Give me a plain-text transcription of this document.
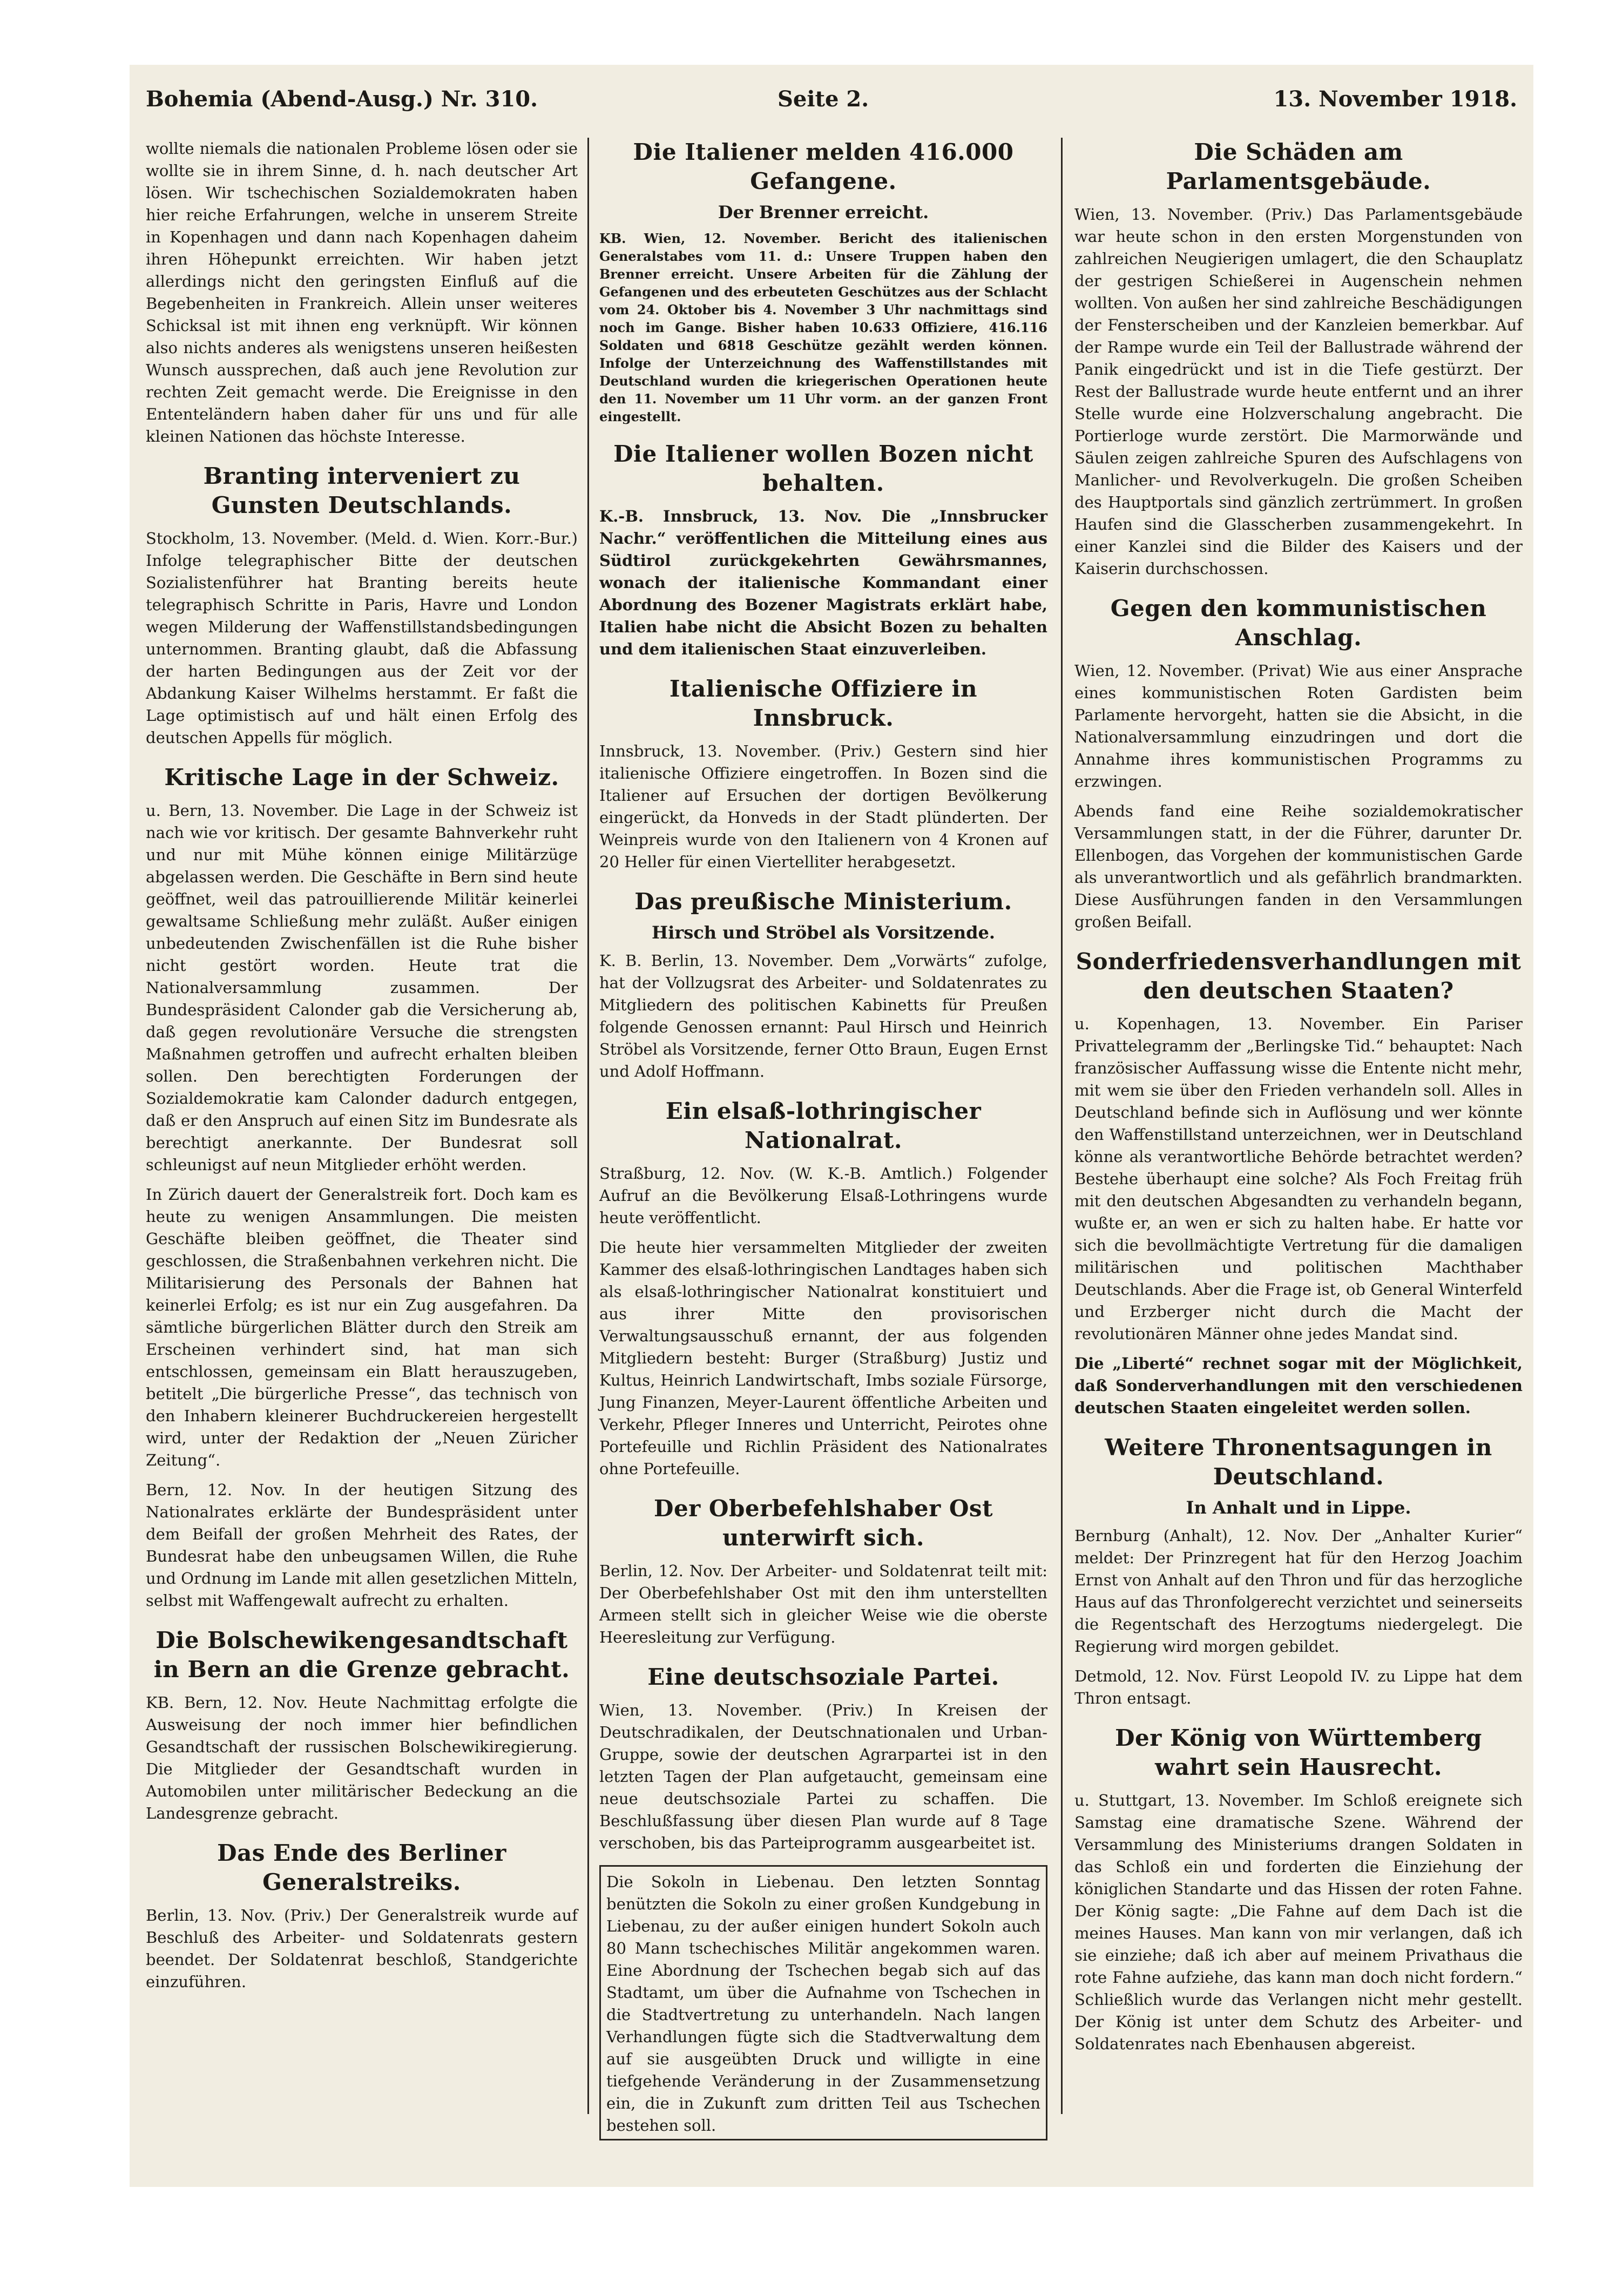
Bohemia (Abend-Ausg.) Nr. 310.	Seite 2.	13. November 1918.

wollte niemals die nationalen Probleme lösen oder sie wollte sie in ihrem Sinne, d. h. nach deutscher Art lösen. Wir tschechischen Sozialdemokraten haben hier reiche Erfahrungen, welche in unserem Streite in Kopenhagen und dann nach Kopenhagen daheim ihren Höhepunkt erreichten. Wir haben jetzt allerdings nicht den geringsten Einfluß auf die Begebenheiten in Frankreich. Allein unser weiteres Schicksal ist mit ihnen eng verknüpft. Wir können also nichts anderes als wenigstens unseren heißesten Wunsch aussprechen, daß auch jene Revolution zur rechten Zeit gemacht werde. Die Ereignisse in den Ententeländern haben daher für uns und für alle kleinen Nationen das höchste Interesse.

Branting interveniert zu Gunsten Deutschlands.

Stockholm, 13. November. (Meld. d. Wien. Korr.-Bur.) Infolge telegraphischer Bitte der deutschen Sozialistenführer hat Branting bereits heute telegraphisch Schritte in Paris, Havre und London wegen Milderung der Waffenstillstandsbedingungen unternommen. Branting glaubt, daß die Abfassung der harten Bedingungen aus der Zeit vor der Abdankung Kaiser Wilhelms herstammt. Er faßt die Lage optimistisch auf und hält einen Erfolg des deutschen Appells für möglich.

Kritische Lage in der Schweiz.

u. Bern, 13. November. Die Lage in der Schweiz ist nach wie vor kritisch. Der gesamte Bahnverkehr ruht und nur mit Mühe können einige Militärzüge abgelassen werden. Die Geschäfte in Bern sind heute geöffnet, weil das patrouillierende Militär keinerlei gewaltsame Schließung mehr zuläßt. Außer einigen unbedeutenden Zwischenfällen ist die Ruhe bisher nicht gestört worden. Heute trat die Nationalversammlung zusammen. Der Bundespräsident Calonder gab die Versicherung ab, daß gegen revolutionäre Versuche die strengsten Maßnahmen getroffen und aufrecht erhalten bleiben sollen. Den berechtigten Forderungen der Sozialdemokratie kam Calonder dadurch entgegen, daß er den Anspruch auf einen Sitz im Bundesrate als berechtigt anerkannte. Der Bundesrat soll schleunigst auf neun Mitglieder erhöht werden.

In Zürich dauert der Generalstreik fort. Doch kam es heute zu wenigen Ansammlungen. Die meisten Geschäfte bleiben geöffnet, die Theater sind geschlossen, die Straßenbahnen verkehren nicht. Die Militarisierung des Personals der Bahnen hat keinerlei Erfolg; es ist nur ein Zug ausgefahren. Da sämtliche bürgerlichen Blätter durch den Streik am Erscheinen verhindert sind, hat man sich entschlossen, gemeinsam ein Blatt herauszugeben, betitelt „Die bürgerliche Presse“, das technisch von den Inhabern kleinerer Buchdruckereien hergestellt wird, unter der Redaktion der „Neuen Züricher Zeitung“.

Bern, 12. Nov. In der heutigen Sitzung des Nationalrates erklärte der Bundespräsident unter dem Beifall der großen Mehrheit des Rates, der Bundesrat habe den unbeugsamen Willen, die Ruhe und Ordnung im Lande mit allen gesetzlichen Mitteln, selbst mit Waffengewalt aufrecht zu erhalten.

Die Bolschewikengesandtschaft in Bern an die Grenze gebracht.

KB. Bern, 12. Nov. Heute Nachmittag erfolgte die Ausweisung der noch immer hier befindlichen Gesandtschaft der russischen Bolschewikiregierung. Die Mitglieder der Gesandtschaft wurden in Automobilen unter militärischer Bedeckung an die Landesgrenze gebracht.

Das Ende des Berliner Generalstreiks.

Berlin, 13. Nov. (Priv.) Der Generalstreik wurde auf Beschluß des Arbeiter- und Soldatenrats gestern beendet. Der Soldatenrat beschloß, Standgerichte einzuführen.

Die Italiener melden 416.000 Gefangene.
Der Brenner erreicht.

KB. Wien, 12. November. Bericht des italienischen Generalstabes vom 11. d.: Unsere Truppen haben den Brenner erreicht. Unsere Arbeiten für die Zählung der Gefangenen und des erbeuteten Geschützes aus der Schlacht vom 24. Oktober bis 4. November 3 Uhr nachmittags sind noch im Gange. Bisher haben 10.633 Offiziere, 416.116 Soldaten und 6818 Geschütze gezählt werden können. Infolge der Unterzeichnung des Waffenstillstandes mit Deutschland wurden die kriegerischen Operationen heute den 11. November um 11 Uhr vorm. an der ganzen Front eingestellt.

Die Italiener wollen Bozen nicht behalten.

K.-B. Innsbruck, 13. Nov. Die „Innsbrucker Nachr.“ veröffentlichen die Mitteilung eines aus Südtirol zurückgekehrten Gewährsmannes, wonach der italienische Kommandant einer Abordnung des Bozener Magistrats erklärt habe, Italien habe nicht die Absicht Bozen zu behalten und dem italienischen Staat einzuverleiben.

Italienische Offiziere in Innsbruck.

Innsbruck, 13. November. (Priv.) Gestern sind hier italienische Offiziere eingetroffen. In Bozen sind die Italiener auf Ersuchen der dortigen Bevölkerung eingerückt, da Honveds in der Stadt plünderten. Der Weinpreis wurde von den Italienern von 4 Kronen auf 20 Heller für einen Viertelliter herabgesetzt.

Das preußische Ministerium.
Hirsch und Ströbel als Vorsitzende.

K. B. Berlin, 13. November. Dem „Vorwärts“ zufolge, hat der Vollzugsrat des Arbeiter- und Soldatenrates zu Mitgliedern des politischen Kabinetts für Preußen folgende Genossen ernannt: Paul Hirsch und Heinrich Ströbel als Vorsitzende, ferner Otto Braun, Eugen Ernst und Adolf Hoffmann.

Ein elsaß-lothringischer Nationalrat.

Straßburg, 12. Nov. (W. K.-B. Amtlich.) Folgender Aufruf an die Bevölkerung Elsaß-Lothringens wurde heute veröffentlicht.

Die heute hier versammelten Mitglieder der zweiten Kammer des elsaß-lothringischen Landtages haben sich als elsaß-lothringischer Nationalrat konstituiert und aus ihrer Mitte den provisorischen Verwaltungsausschuß ernannt, der aus folgenden Mitgliedern besteht: Burger (Straßburg) Justiz und Kultus, Heinrich Landwirtschaft, Imbs soziale Fürsorge, Jung Finanzen, Meyer-Laurent öffentliche Arbeiten und Verkehr, Pfleger Inneres und Unterricht, Peirotes ohne Portefeuille und Richlin Präsident des Nationalrates ohne Portefeuille.

Der Oberbefehlshaber Ost unterwirft sich.

Berlin, 12. Nov. Der Arbeiter- und Soldatenrat teilt mit: Der Oberbefehlshaber Ost mit den ihm unterstellten Armeen stellt sich in gleicher Weise wie die oberste Heeresleitung zur Verfügung.

Eine deutschsoziale Partei.

Wien, 13. November. (Priv.) In Kreisen der Deutschradikalen, der Deutschnationalen und Urban-Gruppe, sowie der deutschen Agrarpartei ist in den letzten Tagen der Plan aufgetaucht, gemeinsam eine neue deutschsoziale Partei zu schaffen. Die Beschlußfassung über diesen Plan wurde auf 8 Tage verschoben, bis das Parteiprogramm ausgearbeitet ist.

Die Sokoln in Liebenau. Den letzten Sonntag benützten die Sokoln zu einer großen Kundgebung in Liebenau, zu der außer einigen hundert Sokoln auch 80 Mann tschechisches Militär angekommen waren. Eine Abordnung der Tschechen begab sich auf das Stadtamt, um über die Aufnahme von Tschechen in die Stadtvertretung zu unterhandeln. Nach langen Verhandlungen fügte sich die Stadtverwaltung dem auf sie ausgeübten Druck und willigte in eine tiefgehende Veränderung in der Zusammensetzung ein, die in Zukunft zum dritten Teil aus Tschechen bestehen soll.

Die Schäden am Parlamentsgebäude.

Wien, 13. November. (Priv.) Das Parlamentsgebäude war heute schon in den ersten Morgenstunden von zahlreichen Neugierigen umlagert, die den Schauplatz der gestrigen Schießerei in Augenschein nehmen wollten. Von außen her sind zahlreiche Beschädigungen der Fensterscheiben und der Kanzleien bemerkbar. Auf der Rampe wurde ein Teil der Ballustrade während der Panik eingedrückt und ist in die Tiefe gestürzt. Der Rest der Ballustrade wurde heute entfernt und an ihrer Stelle wurde eine Holzverschalung angebracht. Die Portierloge wurde zerstört. Die Marmorwände und Säulen zeigen zahlreiche Spuren des Aufschlagens von Manlicher- und Revolverkugeln. Die großen Scheiben des Hauptportals sind gänzlich zertrümmert. In großen Haufen sind die Glasscherben zusammengekehrt. In einer Kanzlei sind die Bilder des Kaisers und der Kaiserin durchschossen.

Gegen den kommunistischen Anschlag.

Wien, 12. November. (Privat) Wie aus einer Ansprache eines kommunistischen Roten Gardisten beim Parlamente hervorgeht, hatten sie die Absicht, in die Nationalversammlung einzudringen und dort die Annahme ihres kommunistischen Programms zu erzwingen.

Abends fand eine Reihe sozialdemokratischer Versammlungen statt, in der die Führer, darunter Dr. Ellenbogen, das Vorgehen der kommunistischen Garde als unverantwortlich und als gefährlich brandmarkten. Diese Ausführungen fanden in den Versammlungen großen Beifall.

Sonderfriedensverhandlungen mit den deutschen Staaten?

u. Kopenhagen, 13. November. Ein Pariser Privattelegramm der „Berlingske Tid.“ behauptet: Nach französischer Auffassung wisse die Entente nicht mehr, mit wem sie über den Frieden verhandeln soll. Alles in Deutschland befinde sich in Auflösung und wer könnte den Waffenstillstand unterzeichnen, wer in Deutschland könne als verantwortliche Behörde betrachtet werden? Bestehe überhaupt eine solche? Als Foch Freitag früh mit den deutschen Abgesandten zu verhandeln begann, wußte er, an wen er sich zu halten habe. Er hatte vor sich die bevollmächtigte Vertretung für die damaligen militärischen und politischen Machthaber Deutschlands. Aber die Frage ist, ob General Winterfeld und Erzberger nicht durch die Macht der revolutionären Männer ohne jedes Mandat sind.

Die „Liberté“ rechnet sogar mit der Möglichkeit, daß Sonderverhandlungen mit den verschiedenen deutschen Staaten eingeleitet werden sollen.

Weitere Thronentsagungen in Deutschland.
In Anhalt und in Lippe.

Bernburg (Anhalt), 12. Nov. Der „Anhalter Kurier“ meldet: Der Prinzregent hat für den Herzog Joachim Ernst von Anhalt auf den Thron und für das herzogliche Haus auf das Thronfolgerecht verzichtet und seinerseits die Regentschaft des Herzogtums niedergelegt. Die Regierung wird morgen gebildet.

Detmold, 12. Nov. Fürst Leopold IV. zu Lippe hat dem Thron entsagt.

Der König von Württemberg wahrt sein Hausrecht.

u. Stuttgart, 13. November. Im Schloß ereignete sich Samstag eine dramatische Szene. Während der Versammlung des Ministeriums drangen Soldaten in das Schloß ein und forderten die Einziehung der königlichen Standarte und das Hissen der roten Fahne. Der König sagte: „Die Fahne auf dem Dach ist die meines Hauses. Man kann von mir verlangen, daß ich sie einziehe; daß ich aber auf meinem Privathaus die rote Fahne aufziehe, das kann man doch nicht fordern.“ Schließlich wurde das Verlangen nicht mehr gestellt. Der König ist unter dem Schutz des Arbeiter- und Soldatenrates nach Ebenhausen abgereist.
